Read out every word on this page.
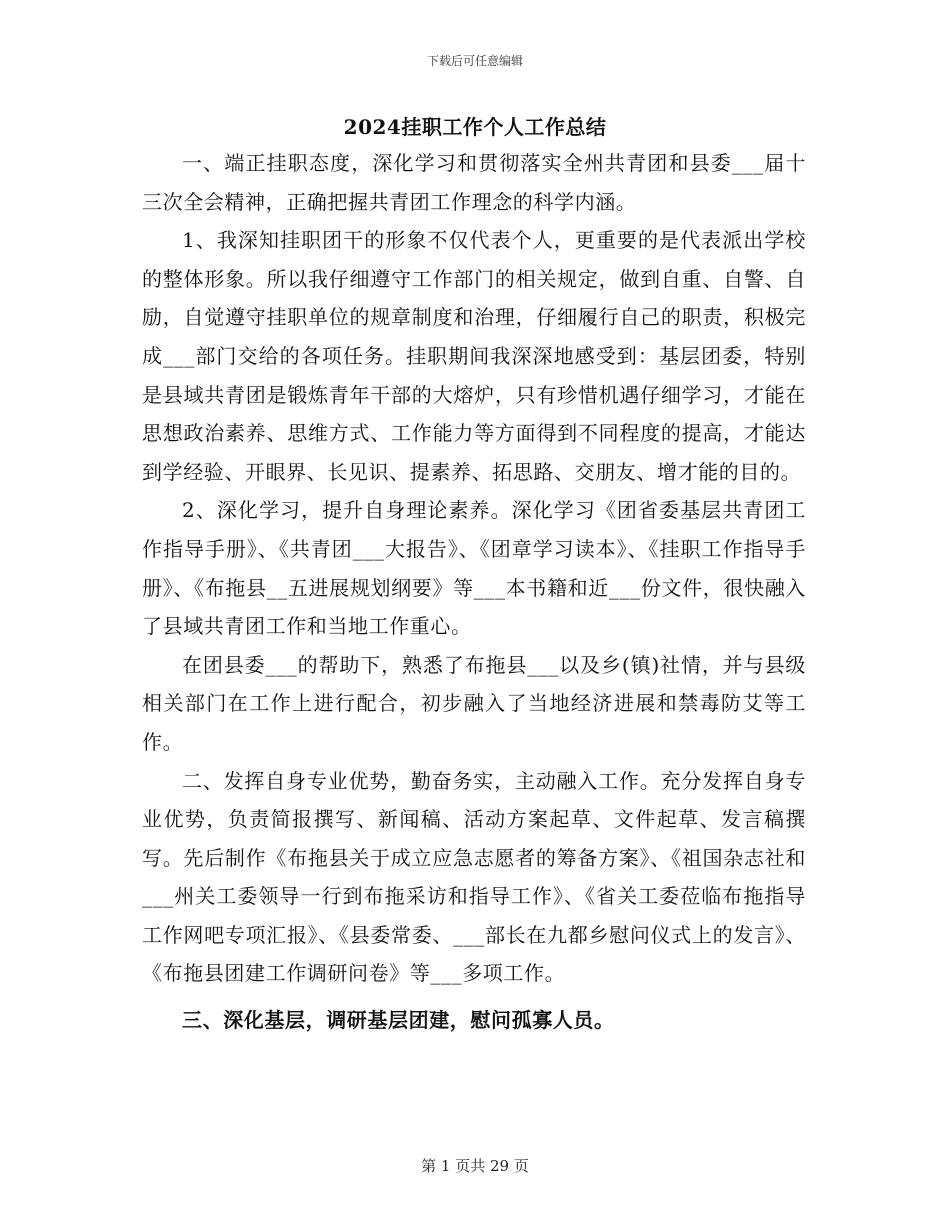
下载后可任意编辑
2024挂职工作个人工作总结

一、端正挂职态度，深化学习和贯彻落实全州共青团和县委___届十三次全会精神，正确把握共青团工作理念的科学内涵。

1、我深知挂职团干的形象不仅代表个人，更重要的是代表派出学校的整体形象。所以我仔细遵守工作部门的相关规定，做到自重、自警、自励，自觉遵守挂职单位的规章制度和治理，仔细履行自己的职责，积极完成___部门交给的各项任务。挂职期间我深深地感受到：基层团委，特别是县域共青团是锻炼青年干部的大熔炉，只有珍惜机遇仔细学习，才能在思想政治素养、思维方式、工作能力等方面得到不同程度的提高，才能达到学经验、开眼界、长见识、提素养、拓思路、交朋友、增才能的目的。

2、深化学习，提升自身理论素养。深化学习《团省委基层共青团工作指导手册》、《共青团___大报告》、《团章学习读本》、《挂职工作指导手册》、《布拖县__五进展规划纲要》等___本书籍和近___份文件，很快融入了县域共青团工作和当地工作重心。

在团县委___的帮助下，熟悉了布拖县___以及乡(镇)社情，并与县级相关部门在工作上进行配合，初步融入了当地经济进展和禁毒防艾等工作。

二、发挥自身专业优势，勤奋务实，主动融入工作。充分发挥自身专业优势，负责简报撰写、新闻稿、活动方案起草、文件起草、发言稿撰写。先后制作《布拖县关于成立应急志愿者的筹备方案》、《祖国杂志社和___州关工委领导一行到布拖采访和指导工作》、《省关工委莅临布拖指导工作网吧专项汇报》、《县委常委、___部长在九都乡慰问仪式上的发言》、《布拖县团建工作调研问卷》等___多项工作。

三、深化基层，调研基层团建，慰问孤寡人员。

第 1 页共 29 页
